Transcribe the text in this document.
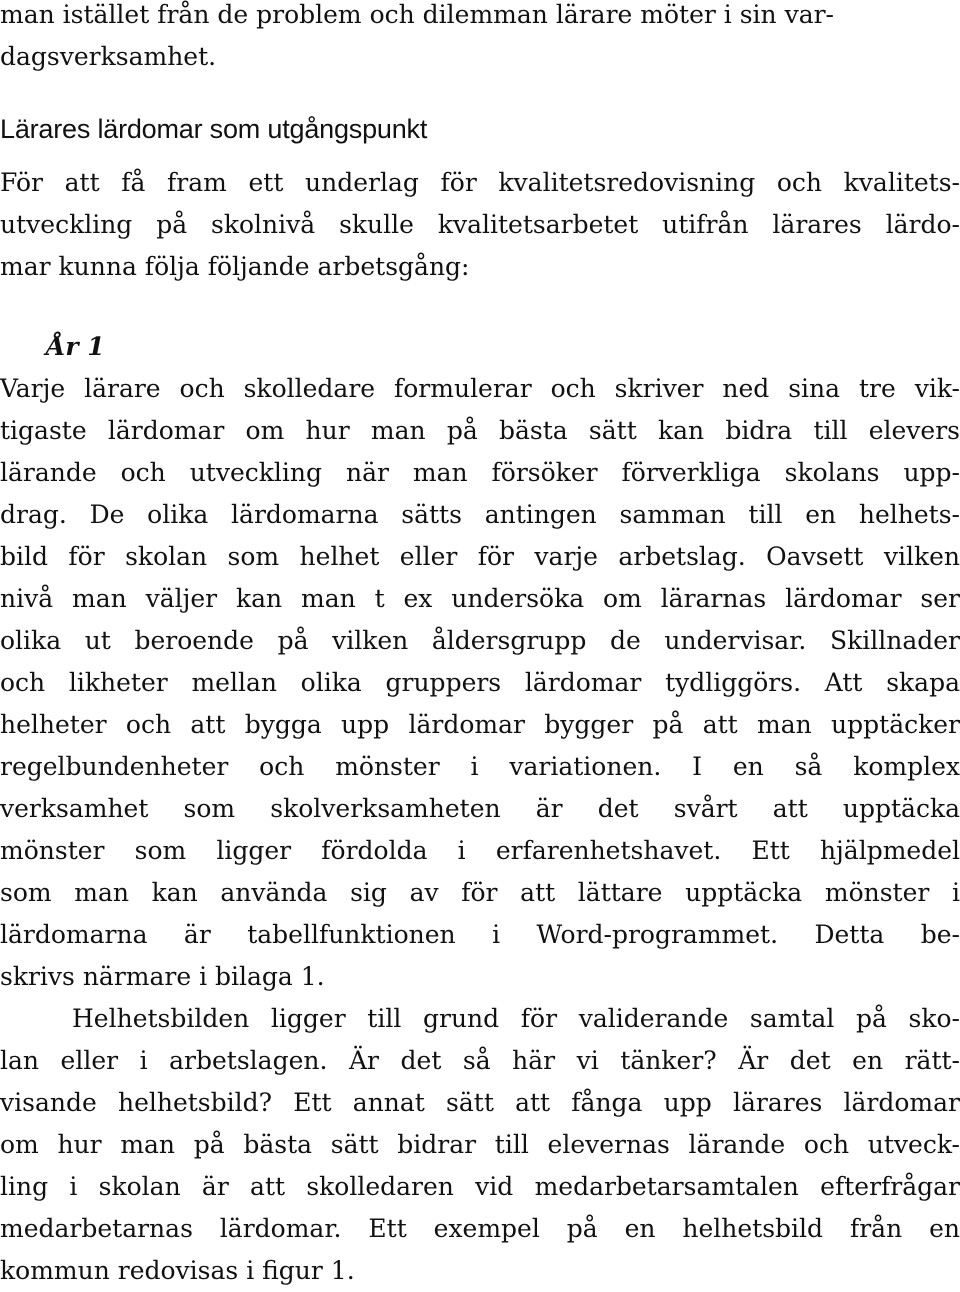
man istället från de problem och dilemman lärare möter i sin var-
dagsverksamhet.
Lärares lärdomar som utgångspunkt
För att få fram ett underlag för kvalitetsredovisning och kvalitets-
utveckling på skolnivå skulle kvalitetsarbetet utifrån lärares lärdo-
mar kunna följa följande arbetsgång:
År 1
Varje lärare och skolledare formulerar och skriver ned sina tre vik-
tigaste lärdomar om hur man på bästa sätt kan bidra till elevers
lärande och utveckling när man försöker förverkliga skolans upp-
drag. De olika lärdomarna sätts antingen samman till en helhets-
bild för skolan som helhet eller för varje arbetslag. Oavsett vilken
nivå man väljer kan man t ex undersöka om lärarnas lärdomar ser
olika ut beroende på vilken åldersgrupp de undervisar. Skillnader
och likheter mellan olika gruppers lärdomar tydliggörs. Att skapa
helheter och att bygga upp lärdomar bygger på att man upptäcker
regelbundenheter och mönster i variationen. I en så komplex
verksamhet som skolverksamheten är det svårt att upptäcka
mönster som ligger fördolda i erfarenhetshavet. Ett hjälpmedel
som man kan använda sig av för att lättare upptäcka mönster i
lärdomarna är tabellfunktionen i Word-programmet. Detta be-
skrivs närmare i bilaga 1.
Helhetsbilden ligger till grund för validerande samtal på sko-
lan eller i arbetslagen. Är det så här vi tänker? Är det en rätt-
visande helhetsbild? Ett annat sätt att fånga upp lärares lärdomar
om hur man på bästa sätt bidrar till elevernas lärande och utveck-
ling i skolan är att skolledaren vid medarbetarsamtalen efterfrågar
medarbetarnas lärdomar. Ett exempel på en helhetsbild från en
kommun redovisas i figur 1.
